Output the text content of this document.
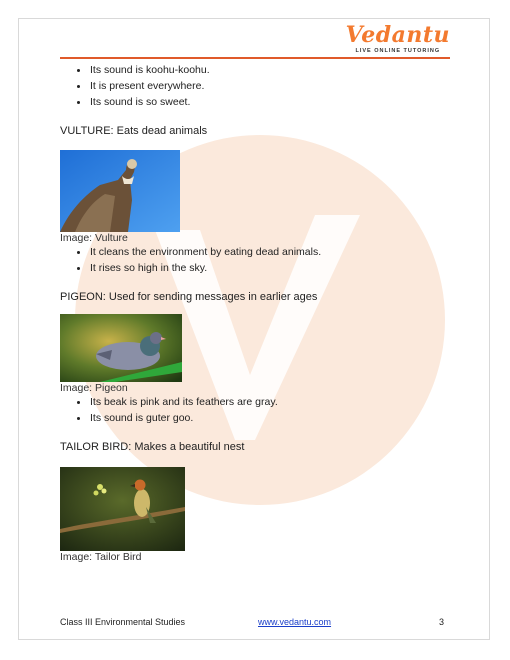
Vedantu
LIVE ONLINE TUTORING
Its sound is koohu-koohu.
It is present everywhere.
Its sound is so sweet.
VULTURE: Eats dead animals
Image: Vulture
It cleans the environment by eating dead animals.
It rises so high in the sky.
PIGEON: Used for sending messages in earlier ages
Image: Pigeon
Its beak is pink and its feathers are gray.
Its sound is guter goo.
TAILOR BIRD: Makes a beautiful nest
Image: Tailor Bird
Class III Environmental Studies	www.vedantu.com	3
